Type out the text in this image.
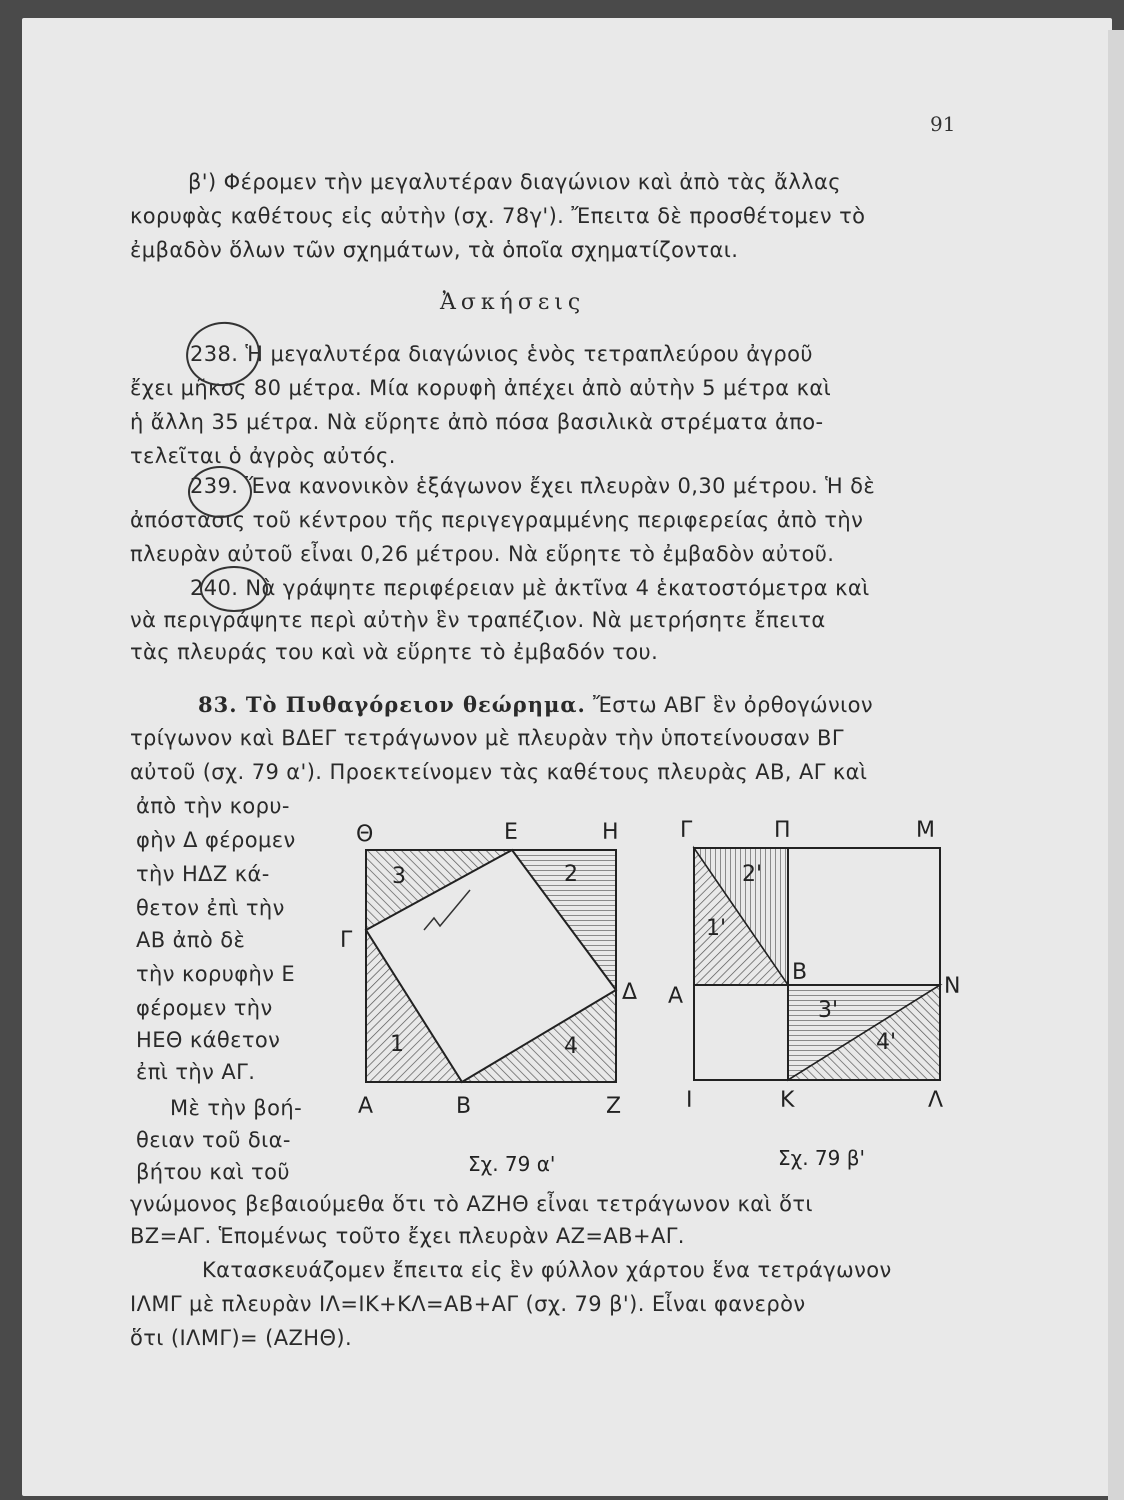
91
β') Φέρομεν τὴν μεγαλυτέραν διαγώνιον καὶ ἀπὸ τὰς ἄλλας
κορυφὰς καθέτους εἰς αὐτὴν (σχ. 78γ'). Ἔπειτα δὲ προσθέτομεν τὸ
ἐμβαδὸν ὅλων τῶν σχημάτων, τὰ ὁποῖα σχηματίζονται.
Ἀσκήσεις
238. Ἡ μεγαλυτέρα διαγώνιος ἑνὸς τετραπλεύρου ἀγροῦ
ἔχει μῆκος 80 μέτρα. Μία κορυφὴ ἀπέχει ἀπὸ αὐτὴν 5 μέτρα καὶ
ἡ ἄλλη 35 μέτρα. Νὰ εὕρητε ἀπὸ πόσα βασιλικὰ στρέματα ἀπο-
τελεῖται ὁ ἀγρὸς αὐτός.
239. Ἕνα κανονικὸν ἑξάγωνον ἔχει πλευρὰν 0,30 μέτρου. Ἡ δὲ
ἀπόστασις τοῦ κέντρου τῆς περιγεγραμμένης περιφερείας ἀπὸ τὴν
πλευρὰν αὐτοῦ εἶναι 0,26 μέτρου. Νὰ εὕρητε τὸ ἐμβαδὸν αὐτοῦ.
240. Νὰ γράψητε περιφέρειαν μὲ ἀκτῖνα 4 ἑκατοστόμετρα καὶ
νὰ περιγράψητε περὶ αὐτὴν ἓν τραπέζιον. Νὰ μετρήσητε ἔπειτα
τὰς πλευράς του καὶ νὰ εὕρητε τὸ ἐμβαδόν του.
83. Τὸ Πυθαγόρειον θεώρημα. Ἔστω ΑΒΓ ἓν ὀρθογώνιον
τρίγωνον καὶ ΒΔΕΓ τετράγωνον μὲ πλευρὰν τὴν ὑποτείνουσαν ΒΓ
αὐτοῦ (σχ. 79 α'). Προεκτείνομεν τὰς καθέτους πλευρὰς ΑΒ, ΑΓ καὶ
ἀπὸ τὴν κορυ-
φὴν Δ φέρομεν
τὴν ΗΔΖ κά-
θετον ἐπὶ τὴν
ΑΒ ἀπὸ δὲ
τὴν κορυφὴν Ε
φέρομεν τὴν
ΗΕΘ κάθετον
ἐπὶ τὴν ΑΓ.
Μὲ τὴν βοή-
θειαν τοῦ δια-
βήτου καὶ τοῦ
γνώμονος βεβαιούμεθα ὅτι τὸ ΑΖΗΘ εἶναι τετράγωνον καὶ ὅτι
ΒΖ=ΑΓ. Ἑπομένως τοῦτο ἔχει πλευρὰν ΑΖ=ΑΒ+ΑΓ.
Κατασκευάζομεν ἔπειτα εἰς ἓν φύλλον χάρτου ἕνα τετράγωνον
ΙΛΜΓ μὲ πλευρὰν ΙΛ=ΙΚ+ΚΛ=ΑΒ+ΑΓ (σχ. 79 β'). Εἶναι φανερὸν
ὅτι (ΙΛΜΓ)= (ΑΖΗΘ).
Θ	Ε	Η
Γ
Δ
Α	Β	Ζ
3	2
1	4
Σχ. 79 α'
Γ	Π	Μ
Β
Α	Ν
Ι	Κ	Λ
2'
1'
3'
4'
Σχ. 79 β'
